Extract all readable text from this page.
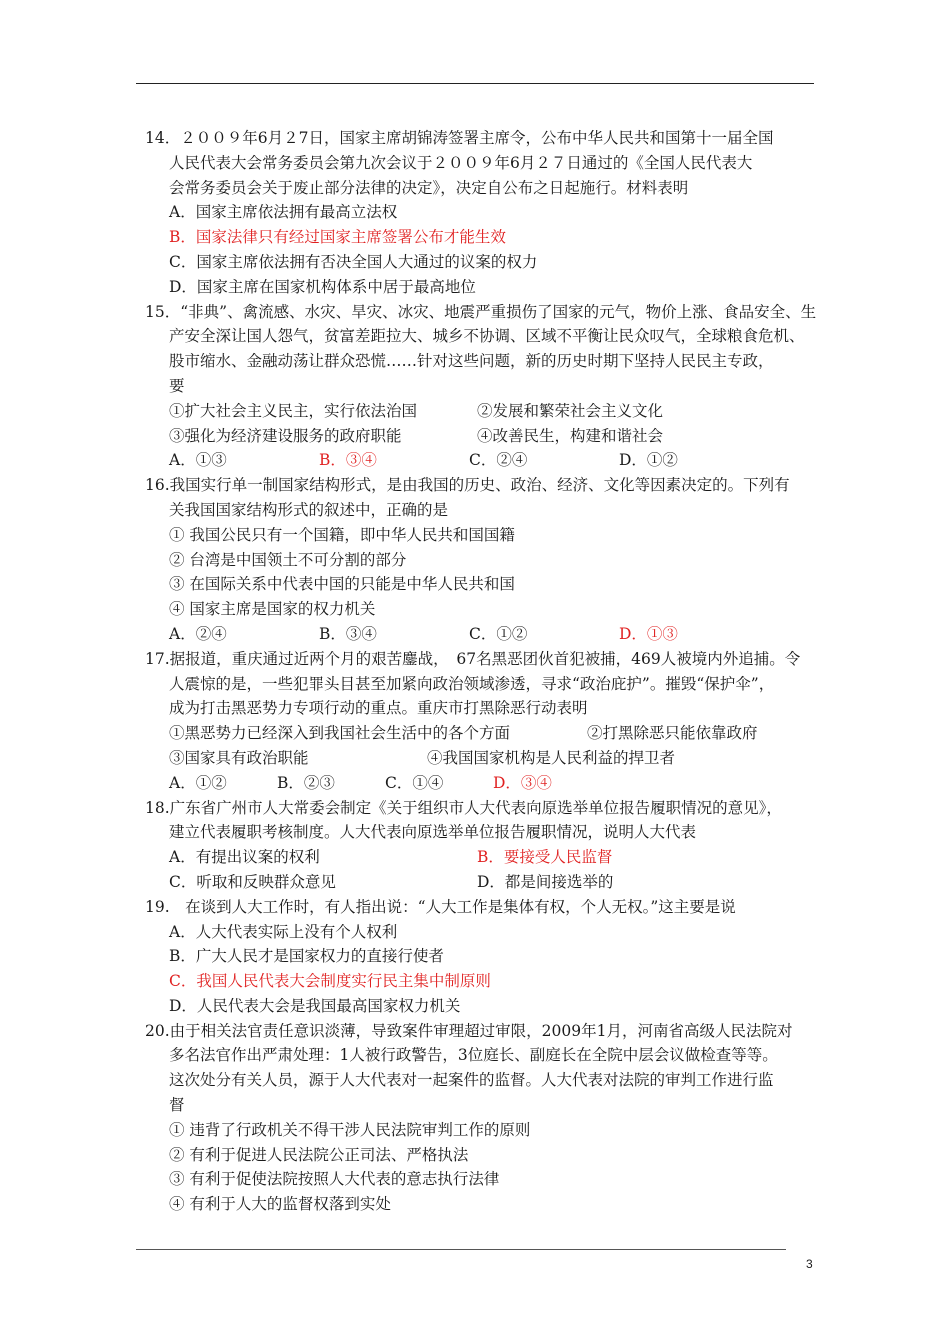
14．２００９年6月２7日，国家主席胡锦涛签署主席令，公布中华人民共和国第十一届全国
人民代表大会常务委员会第九次会议于２００９年6月２７日通过的《全国人民代表大
会常务委员会关于废止部分法律的决定》，决定自公布之日起施行。材料表明
A．国家主席依法拥有最高立法权
B．国家法律只有经过国家主席签署公布才能生效
C．国家主席依法拥有否决全国人大通过的议案的权力
D．国家主席在国家机构体系中居于最高地位
15．“非典”、禽流感、水灾、旱灾、冰灾、地震严重损伤了国家的元气，物价上涨、食品安全、生
产安全深让国人怨气，贫富差距拉大、城乡不协调、区域不平衡让民众叹气，全球粮食危机、
股市缩水、金融动荡让群众恐慌……针对这些问题，新的历史时期下坚持人民民主专政，
要
①扩大社会主义民主，实行依法治国	②发展和繁荣社会主义文化
③强化为经济建设服务的政府职能	④改善民生，构建和谐社会
A．①③	B．③④	C．②④	D．①②
16.我国实行单一制国家结构形式，是由我国的历史、政治、经济、文化等因素决定的。下列有
关我国国家结构形式的叙述中，正确的是
① 我国公民只有一个国籍，即中华人民共和国国籍
② 台湾是中国领土不可分割的部分
③ 在国际关系中代表中国的只能是中华人民共和国
④ 国家主席是国家的权力机关
A．②④	B．③④	C．①②	D．①③
17.据报道，重庆通过近两个月的艰苦鏖战，　67名黑恶团伙首犯被捕，469人被境内外追捕。令
人震惊的是，一些犯罪头目甚至加紧向政治领域渗透，寻求“政治庇护”。摧毁“保护伞”，
成为打击黑恶势力专项行动的重点。重庆市打黑除恶行动表明
①黑恶势力已经深入到我国社会生活中的各个方面	②打黑除恶只能依靠政府
③国家具有政治职能	④我国国家机构是人民利益的捍卫者
A．①②	B．②③	C．①④	D．③④
18.广东省广州市人大常委会制定《关于组织市人大代表向原选举单位报告履职情况的意见》，
建立代表履职考核制度。人大代表向原选举单位报告履职情况，说明人大代表
A．有提出议案的权利	B．要接受人民监督
C．听取和反映群众意见	D．都是间接选举的
19.　在谈到人大工作时，有人指出说：“人大工作是集体有权，个人无权。”这主要是说
A．人大代表实际上没有个人权利
B．广大人民才是国家权力的直接行使者
C．我国人民代表大会制度实行民主集中制原则
D．人民代表大会是我国最高国家权力机关
20.由于相关法官责任意识淡薄，导致案件审理超过审限，2009年1月，河南省高级人民法院对
多名法官作出严肃处理：1人被行政警告，3位庭长、副庭长在全院中层会议做检查等等。
这次处分有关人员，源于人大代表对一起案件的监督。人大代表对法院的审判工作进行监
督
① 违背了行政机关不得干涉人民法院审判工作的原则
② 有利于促进人民法院公正司法、严格执法
③ 有利于促使法院按照人大代表的意志执行法律
④ 有利于人大的监督权落到实处
3
